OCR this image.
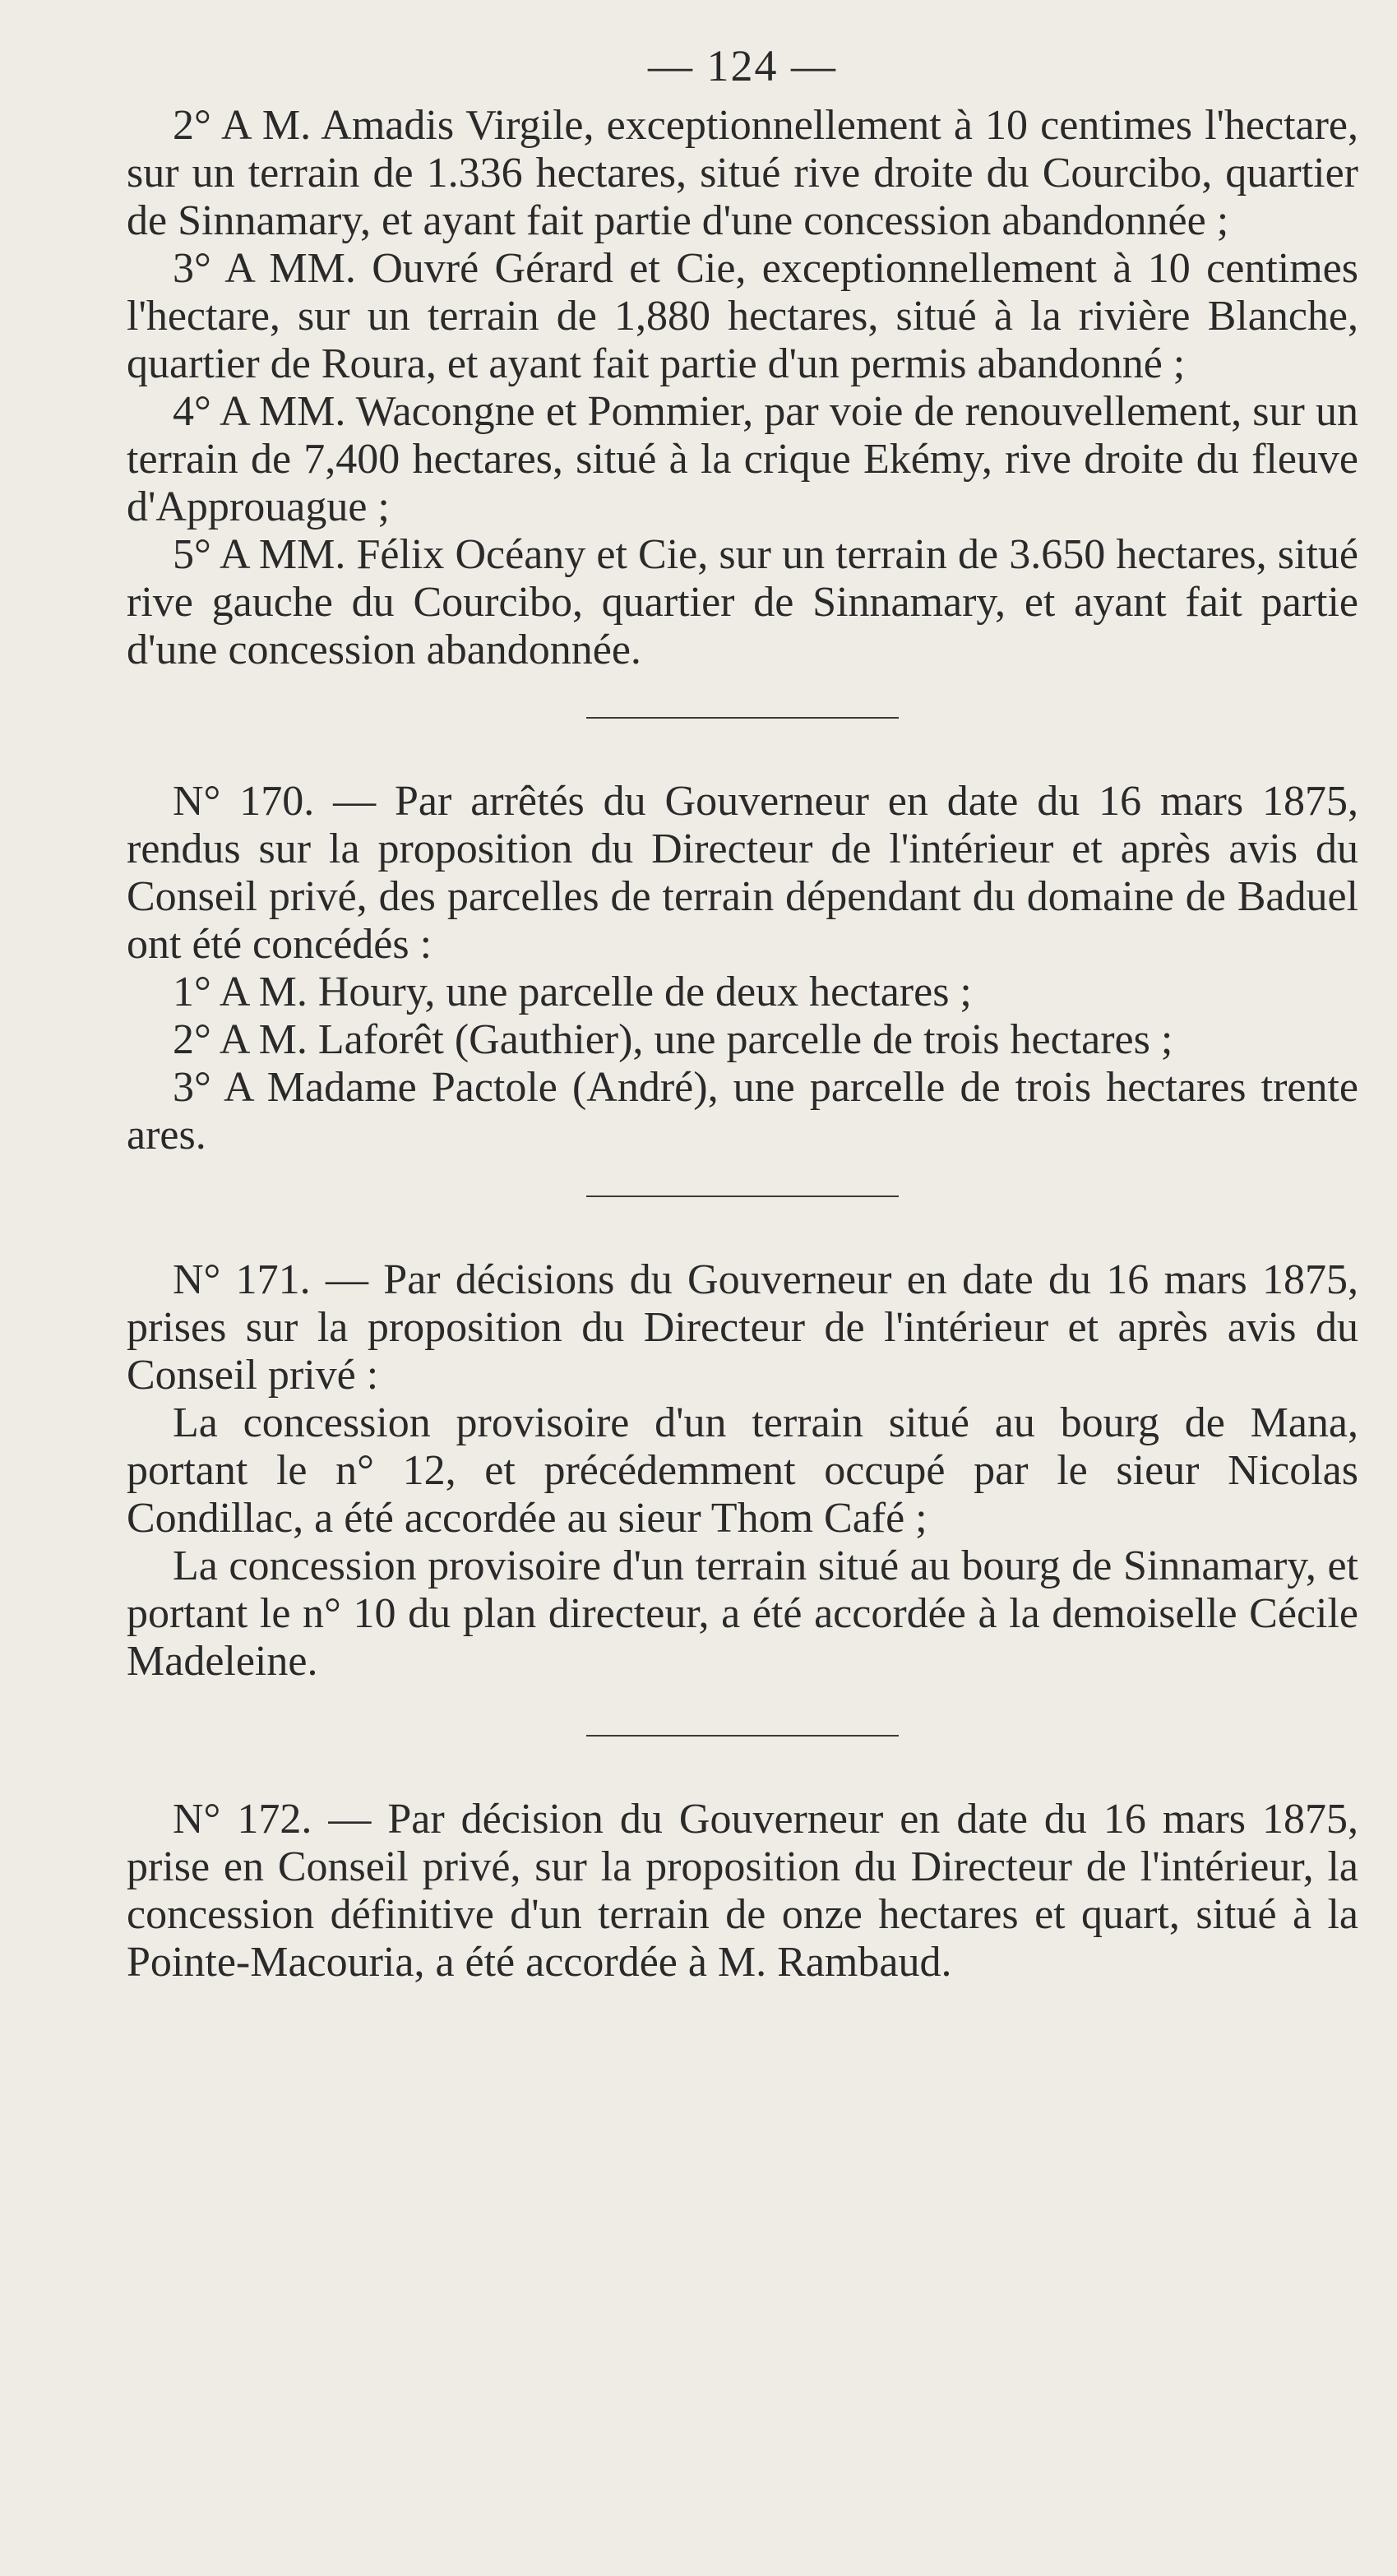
— 124 —

2° A M. Amadis Virgile, exceptionnellement à 10 centimes l'hectare, sur un terrain de 1.336 hectares, situé rive droite du Courcibo, quartier de Sinnamary, et ayant fait partie d'une concession abandonnée ;

3° A MM. Ouvré Gérard et Cie, exceptionnellement à 10 centimes l'hectare, sur un terrain de 1,880 hectares, situé à la rivière Blanche, quartier de Roura, et ayant fait partie d'un permis abandonné ;

4° A MM. Wacongne et Pommier, par voie de renouvellement, sur un terrain de 7,400 hectares, situé à la crique Ekémy, rive droite du fleuve d'Approuague ;

5° A MM. Félix Océany et Cie, sur un terrain de 3.650 hectares, situé rive gauche du Courcibo, quartier de Sinnamary, et ayant fait partie d'une concession abandonnée.

N° 170. — Par arrêtés du Gouverneur en date du 16 mars 1875, rendus sur la proposition du Directeur de l'intérieur et après avis du Conseil privé, des parcelles de terrain dépendant du domaine de Baduel ont été concédés :

1° A M. Houry, une parcelle de deux hectares ;

2° A M. Laforêt (Gauthier), une parcelle de trois hectares ;

3° A Madame Pactole (André), une parcelle de trois hectares trente ares.

N° 171. — Par décisions du Gouverneur en date du 16 mars 1875, prises sur la proposition du Directeur de l'intérieur et après avis du Conseil privé :

La concession provisoire d'un terrain situé au bourg de Mana, portant le n° 12, et précédemment occupé par le sieur Nicolas Condillac, a été accordée au sieur Thom Café ;

La concession provisoire d'un terrain situé au bourg de Sinnamary, et portant le n° 10 du plan directeur, a été accordée à la demoiselle Cécile Madeleine.

N° 172. — Par décision du Gouverneur en date du 16 mars 1875, prise en Conseil privé, sur la proposition du Directeur de l'intérieur, la concession définitive d'un terrain de onze hectares et quart, situé à la Pointe-Macouria, a été accordée à M. Rambaud.
